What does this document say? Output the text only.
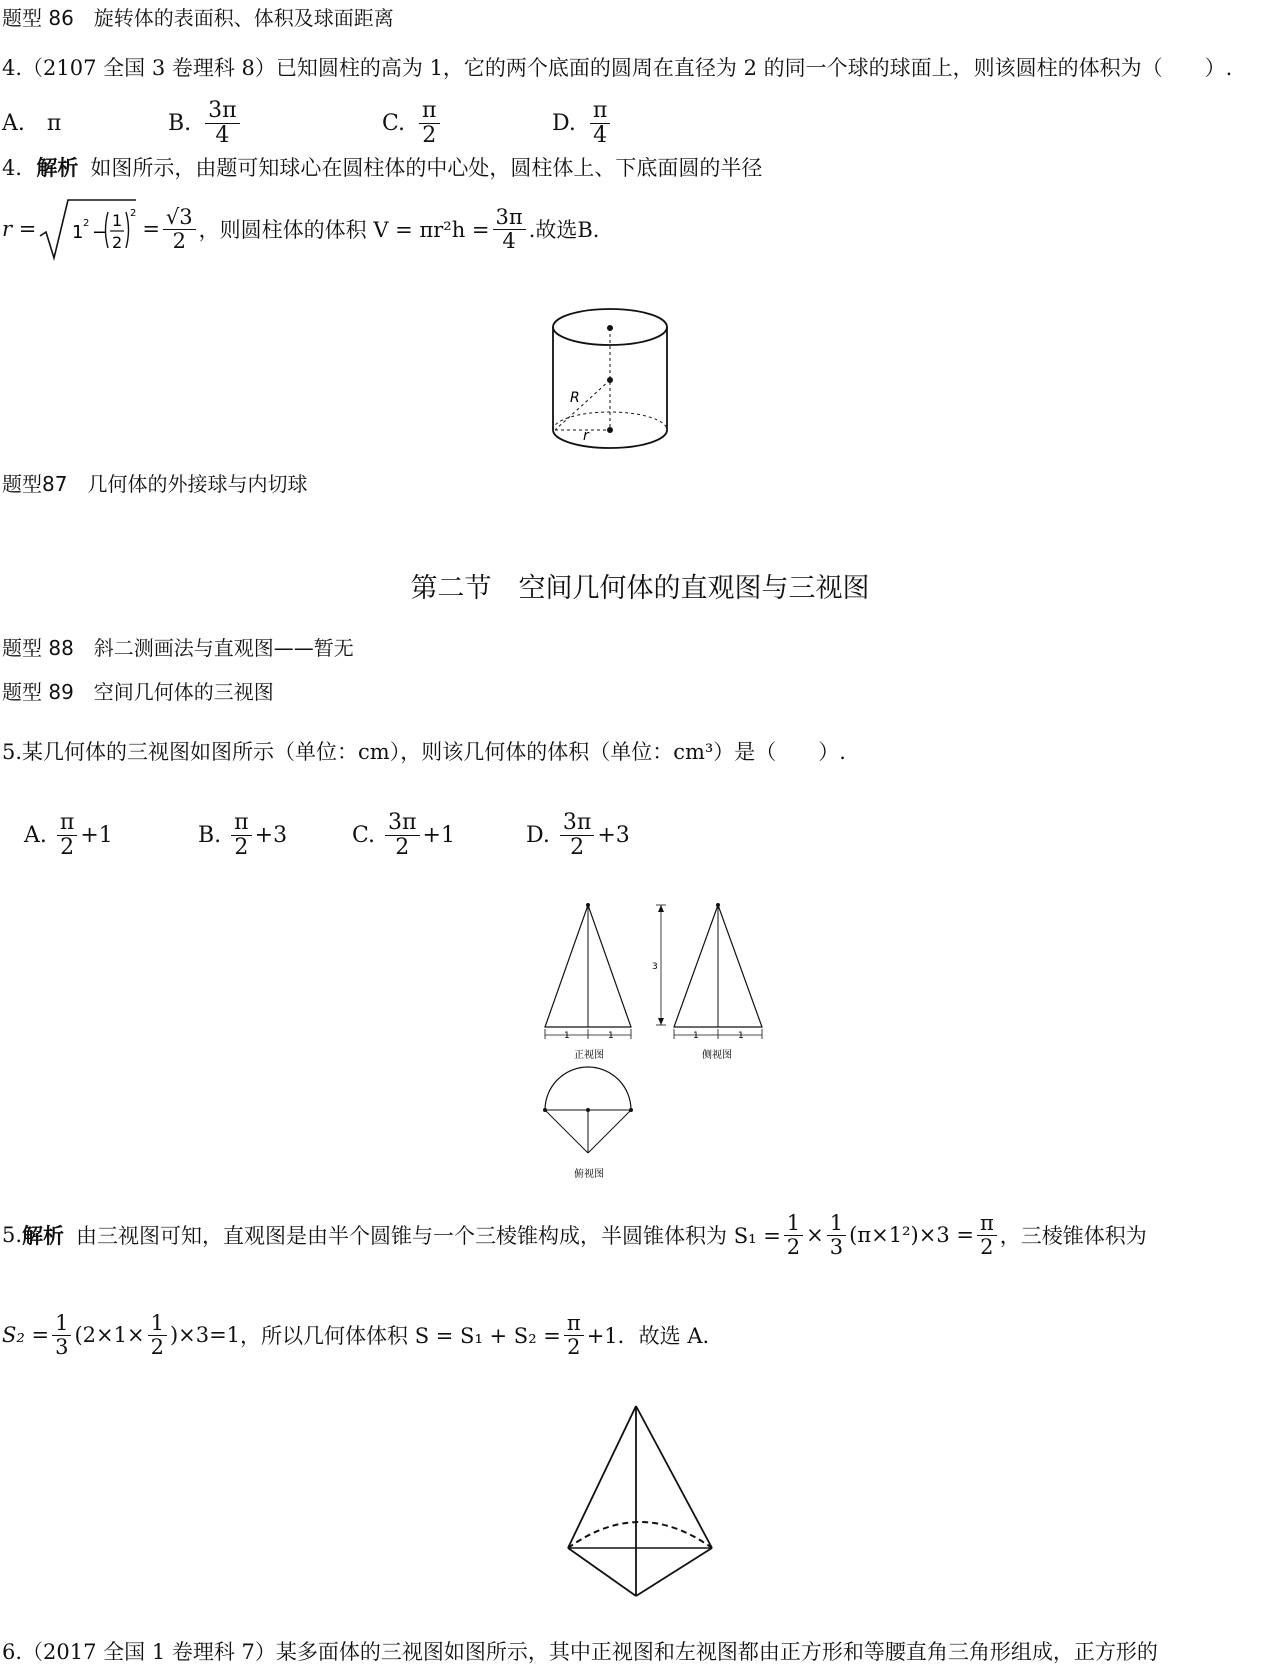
题型 86　旋转体的表面积、体积及球面距离
4.（2107 全国 3 卷理科 8）已知圆柱的高为 1，它的两个底面的圆周在直径为 2 的同一个球的球面上，则该圆柱的体积为（　　）.
A. π	B. $\frac{3\pi}{4}$	C. $\frac{\pi}{2}$	D. $\frac{\pi}{4}$
4．解析 如图所示，由题可知球心在圆柱体的中心处，圆柱体上、下底面圆的半径
r = 1 2 −
1
2
2
= $\frac{√3}{2}$ ，则圆柱体的体积 $V = \pi r^2h = \frac{3\pi}{4}$ .故选B.
R
r
题型87　几何体的外接球与内切球
第二节　空间几何体的直观图与三视图
题型 88　斜二测画法与直观图——暂无
题型 89　空间几何体的三视图
5.某几何体的三视图如图所示（单位：cm），则该几何体的体积（单位：cm³）是（　　）.
A. $\frac{\pi}{2} +1$	B. $\frac{\pi}{2} +3$	C. $\frac{3\pi}{2} +1$	D. $\frac{3\pi}{2} +3$
1	1
正视图
3
1	1
侧视图
俯视图
5. 解析 由三视图可知，直观图是由半个圆锥与一个三棱锥构成，半圆锥体积为 $S_1 = \frac{1}{2} \times \frac{1}{3} (\pi\times 1^2)\times 3 = \frac{\pi}{2}$ ，三棱锥体积为
$S_2 = \frac{1}{3} (2\times 1\times \frac{1}{2} )\times 3=1$ ，所以几何体体积 $S = S_1 + S_2 = \frac{\pi}{2} +1$．故选 A.
6.（2017 全国 1 卷理科 7）某多面体的三视图如图所示，其中正视图和左视图都由正方形和等腰直角三角形组成，正方形的
